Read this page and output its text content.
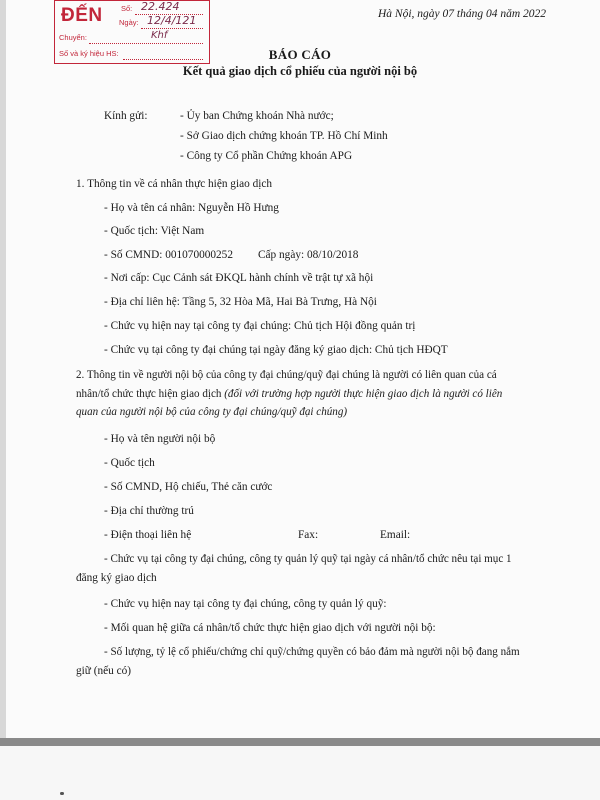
ĐẾN Số: 22.424
Ngày: 12/4/121
Chuyển:	Khf
Số và ký hiệu HS:
Hà Nội, ngày 07 tháng 04 năm 2022
BÁO CÁO
Kết quả giao dịch cổ phiếu của người nội bộ
Kính gửi:	- Ủy ban Chứng khoán Nhà nước;
- Sở Giao dịch chứng khoán TP. Hồ Chí Minh
- Công ty Cổ phần Chứng khoán APG
1. Thông tin về cá nhân thực hiện giao dịch
- Họ và tên cá nhân: Nguyễn Hồ Hưng
- Quốc tịch: Việt Nam
- Số CMND: 001070000252 Cấp ngày: 08/10/2018
- Nơi cấp: Cục Cảnh sát ĐKQL hành chính về trật tự xã hội
- Địa chỉ liên hệ: Tầng 5, 32 Hòa Mã, Hai Bà Trưng, Hà Nội
- Chức vụ hiện nay tại công ty đại chúng: Chủ tịch Hội đồng quản trị
- Chức vụ tại công ty đại chúng tại ngày đăng ký giao dịch: Chủ tịch HĐQT
2. Thông tin về người nội bộ của công ty đại chúng/quỹ đại chúng là người có liên quan của cá
nhân/tổ chức thực hiện giao dịch (đối với trường hợp người thực hiện giao dịch là người có liên
quan của người nội bộ của công ty đại chúng/quỹ đại chúng)
- Họ và tên người nội bộ
- Quốc tịch
- Số CMND, Hộ chiếu, Thẻ căn cước
- Địa chỉ thường trú
- Điện thoại liên hệ	Fax:	Email:
- Chức vụ tại công ty đại chúng, công ty quản lý quỹ tại ngày cá nhân/tổ chức nêu tại mục 1
đăng ký giao dịch
- Chức vụ hiện nay tại công ty đại chúng, công ty quản lý quỹ:
- Mối quan hệ giữa cá nhân/tổ chức thực hiện giao dịch với người nội bộ:
- Số lượng, tỷ lệ cổ phiếu/chứng chỉ quỹ/chứng quyền có bảo đảm mà người nội bộ đang nắm
giữ (nếu có)
